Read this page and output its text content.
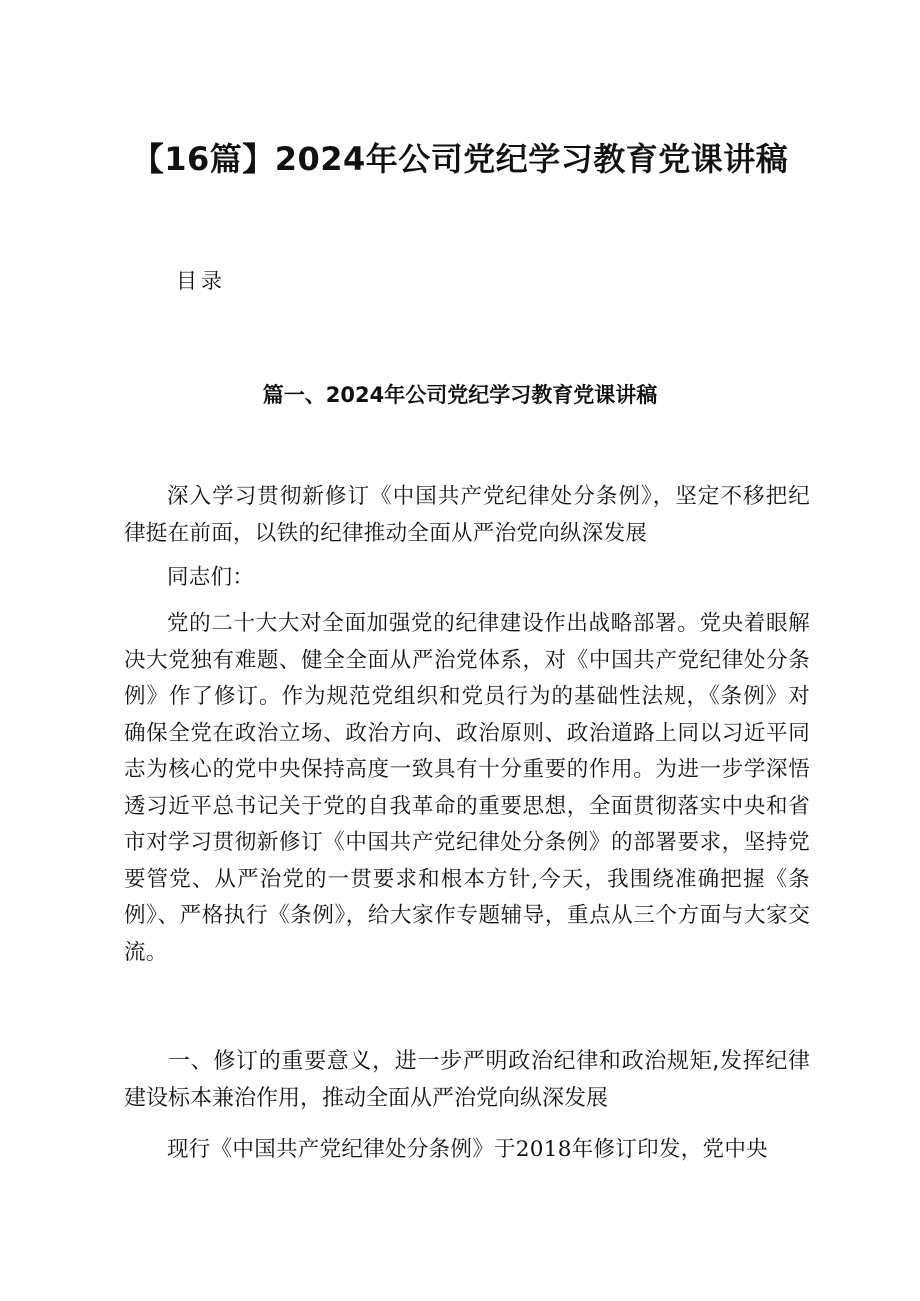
【16篇】2024年公司党纪学习教育党课讲稿
目录
篇一、2024年公司党纪学习教育党课讲稿

深入学习贯彻新修订《中国共产党纪律处分条例》，坚定不移把纪律挺在前面，以铁的纪律推动全面从严治党向纵深发展

同志们：

党的二十大大对全面加强党的纪律建设作出战略部署。党央着眼解决大党独有难题、健全全面从严治党体系，对《中国共产党纪律处分条例》作了修订。作为规范党组织和党员行为的基础性法规，《条例》对确保全党在政治立场、政治方向、政治原则、政治道路上同以习近平同志为核心的党中央保持高度一致具有十分重要的作用。为进一步学深悟透习近平总书记关于党的自我革命的重要思想，全面贯彻落实中央和省市对学习贯彻新修订《中国共产党纪律处分条例》的部署要求，坚持党要管党、从严治党的一贯要求和根本方针,今天，我围绕准确把握《条例》、严格执行《条例》，给大家作专题辅导，重点从三个方面与大家交流。

一、修订的重要意义，进一步严明政治纪律和政治规矩,发挥纪律建设标本兼治作用，推动全面从严治党向纵深发展

现行《中国共产党纪律处分条例》于2018年修订印发，党中央
